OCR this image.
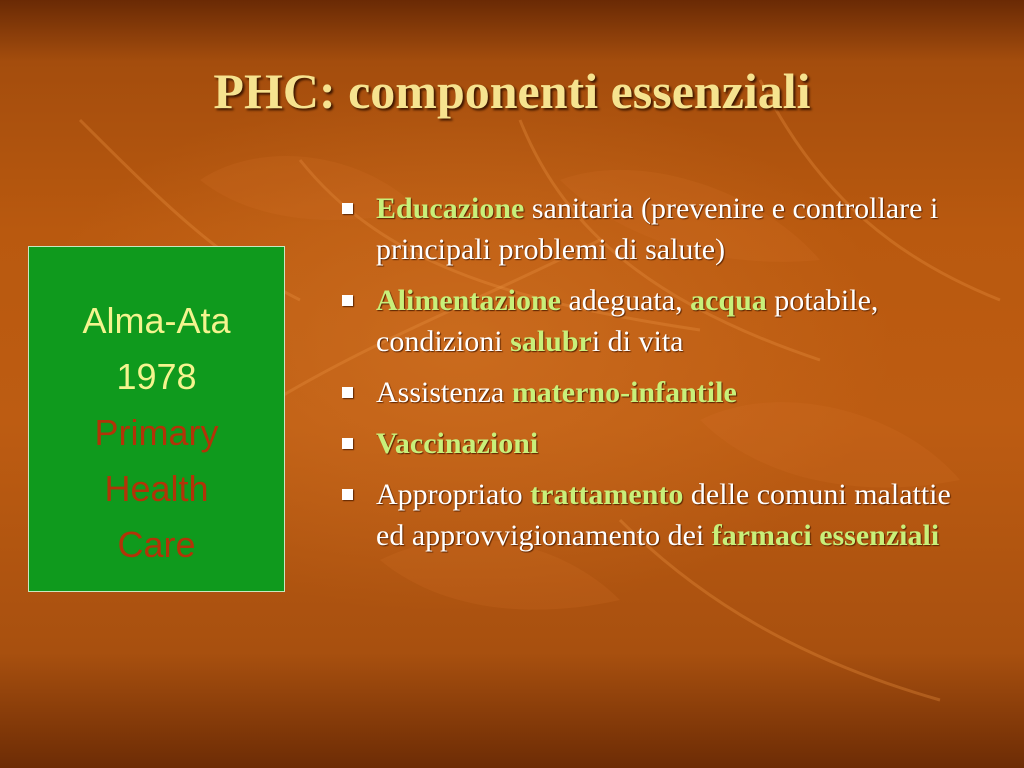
PHC: componenti essenziali
Alma-Ata
1978
Primary
Health
Care
Educazione sanitaria (prevenire e controllare i principali problemi di salute)
Alimentazione adeguata, acqua potabile, condizioni salubri di vita
Assistenza materno-infantile
Vaccinazioni
Appropriato trattamento delle comuni malattie ed approvvigionamento dei farmaci essenziali
